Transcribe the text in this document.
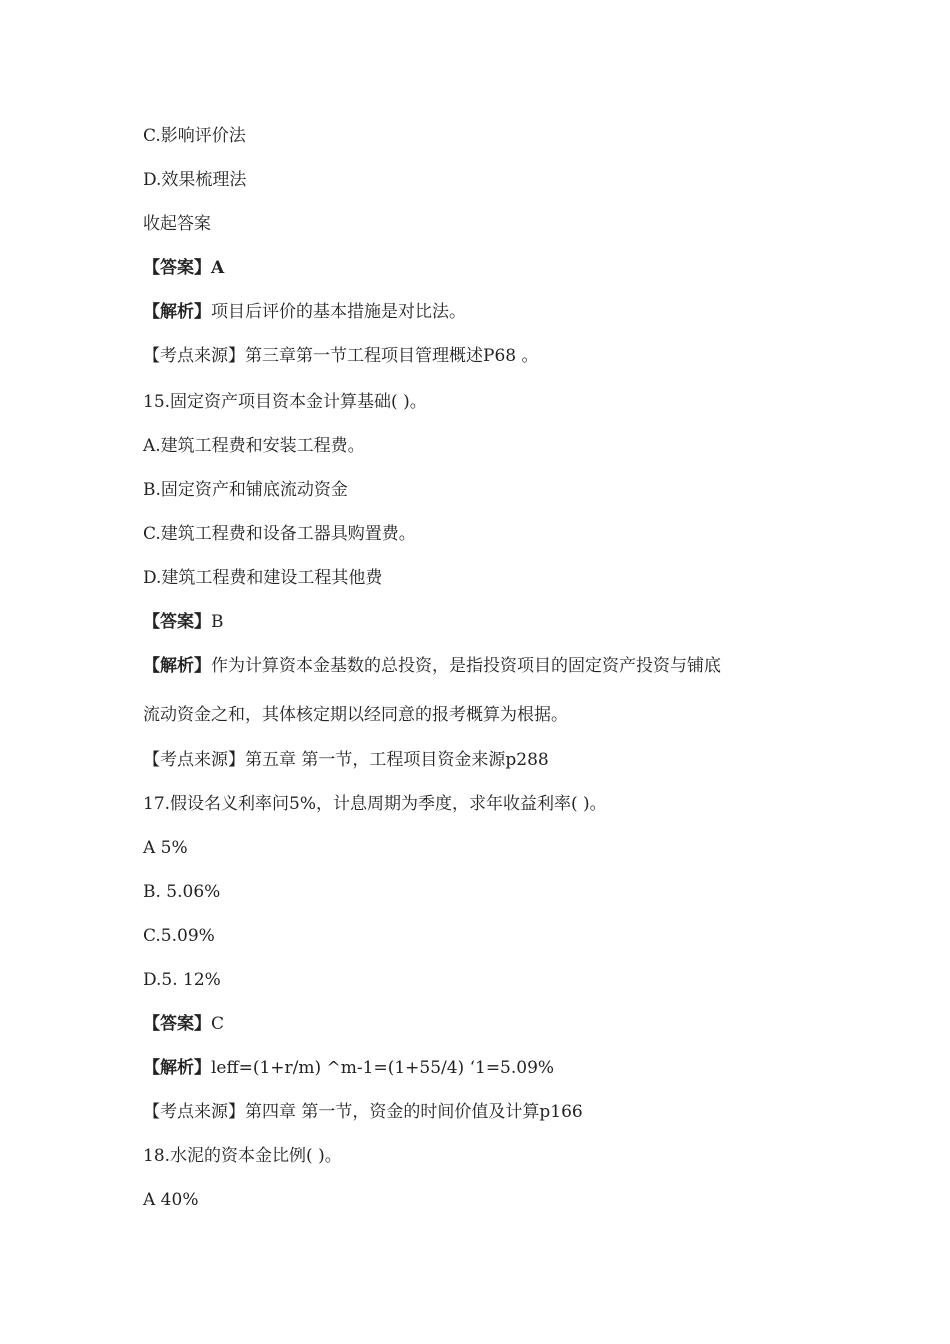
C.影响评价法
D.效果梳理法
收起答案
【答案】A
【解析】项目后评价的基本措施是对比法。
【考点来源】第三章第一节工程项目管理概述P68 。
15.固定资产项目资本金计算基础( )。
A.建筑工程费和安装工程费。
B.固定资产和铺底流动资金
C.建筑工程费和设备工器具购置费。
D.建筑工程费和建设工程其他费
【答案】B
【解析】作为计算资本金基数的总投资，是指投资项目的固定资产投资与铺底
流动资金之和，其体核定期以经同意的报考概算为根据。
【考点来源】第五章 第一节，工程项目资金来源p288
17.假设名义利率问5%，计息周期为季度，求年收益利率( )。
A 5%
B. 5.06%
C.5.09%
D.5. 12%
【答案】C
【解析】leff=(1+r/m) ^m-1=(1+55/4) ‘1=5.09%
【考点来源】第四章 第一节，资金的时间价值及计算p166
18.水泥的资本金比例( )。
A 40%
